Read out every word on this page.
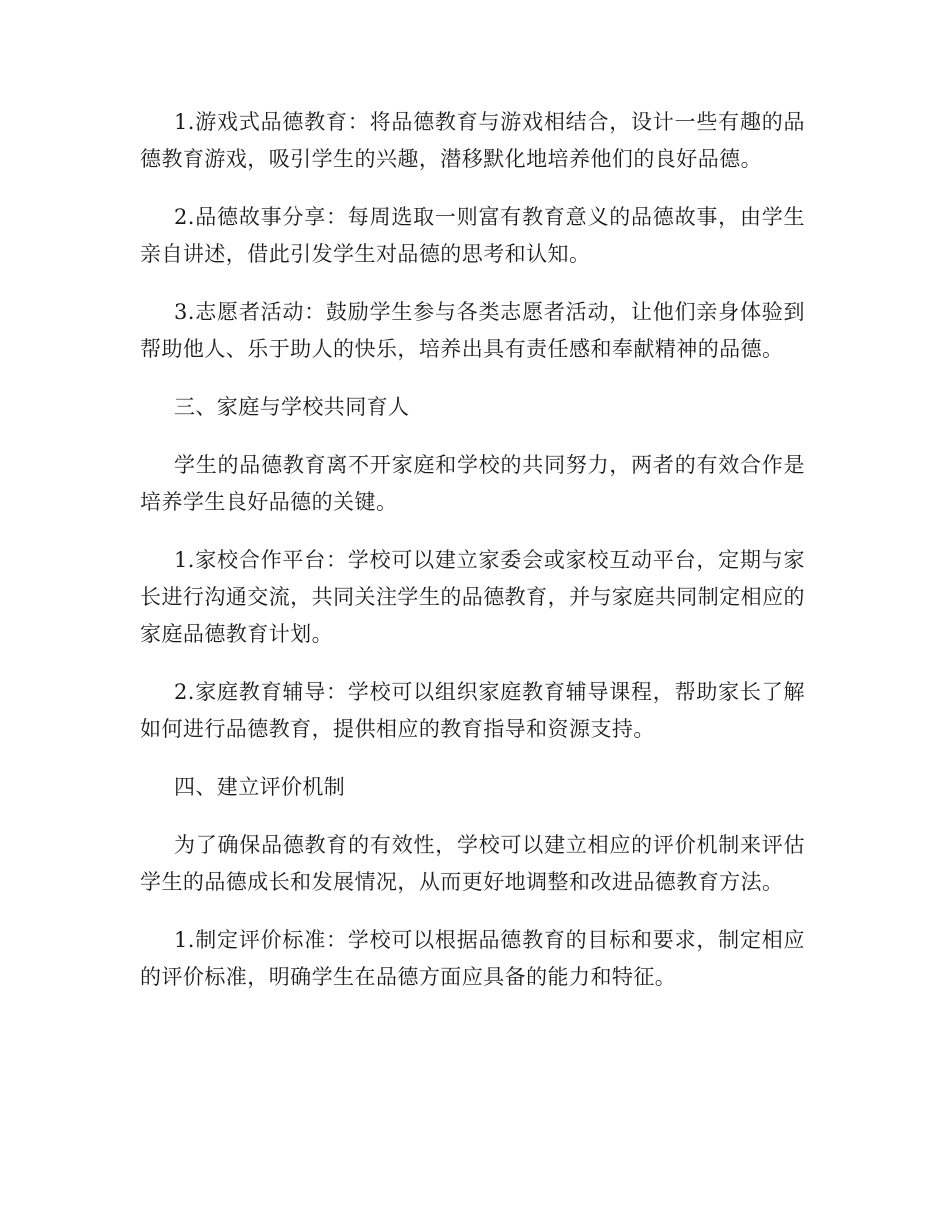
1.游戏式品德教育：将品德教育与游戏相结合，设计一些有趣的品德教育游戏，吸引学生的兴趣，潜移默化地培养他们的良好品德。

2.品德故事分享：每周选取一则富有教育意义的品德故事，由学生亲自讲述，借此引发学生对品德的思考和认知。

3.志愿者活动：鼓励学生参与各类志愿者活动，让他们亲身体验到帮助他人、乐于助人的快乐，培养出具有责任感和奉献精神的品德。

三、家庭与学校共同育人

学生的品德教育离不开家庭和学校的共同努力，两者的有效合作是培养学生良好品德的关键。

1.家校合作平台：学校可以建立家委会或家校互动平台，定期与家长进行沟通交流，共同关注学生的品德教育，并与家庭共同制定相应的家庭品德教育计划。

2.家庭教育辅导：学校可以组织家庭教育辅导课程，帮助家长了解如何进行品德教育，提供相应的教育指导和资源支持。

四、建立评价机制

为了确保品德教育的有效性，学校可以建立相应的评价机制来评估学生的品德成长和发展情况，从而更好地调整和改进品德教育方法。

1.制定评价标准：学校可以根据品德教育的目标和要求，制定相应的评价标准，明确学生在品德方面应具备的能力和特征。
